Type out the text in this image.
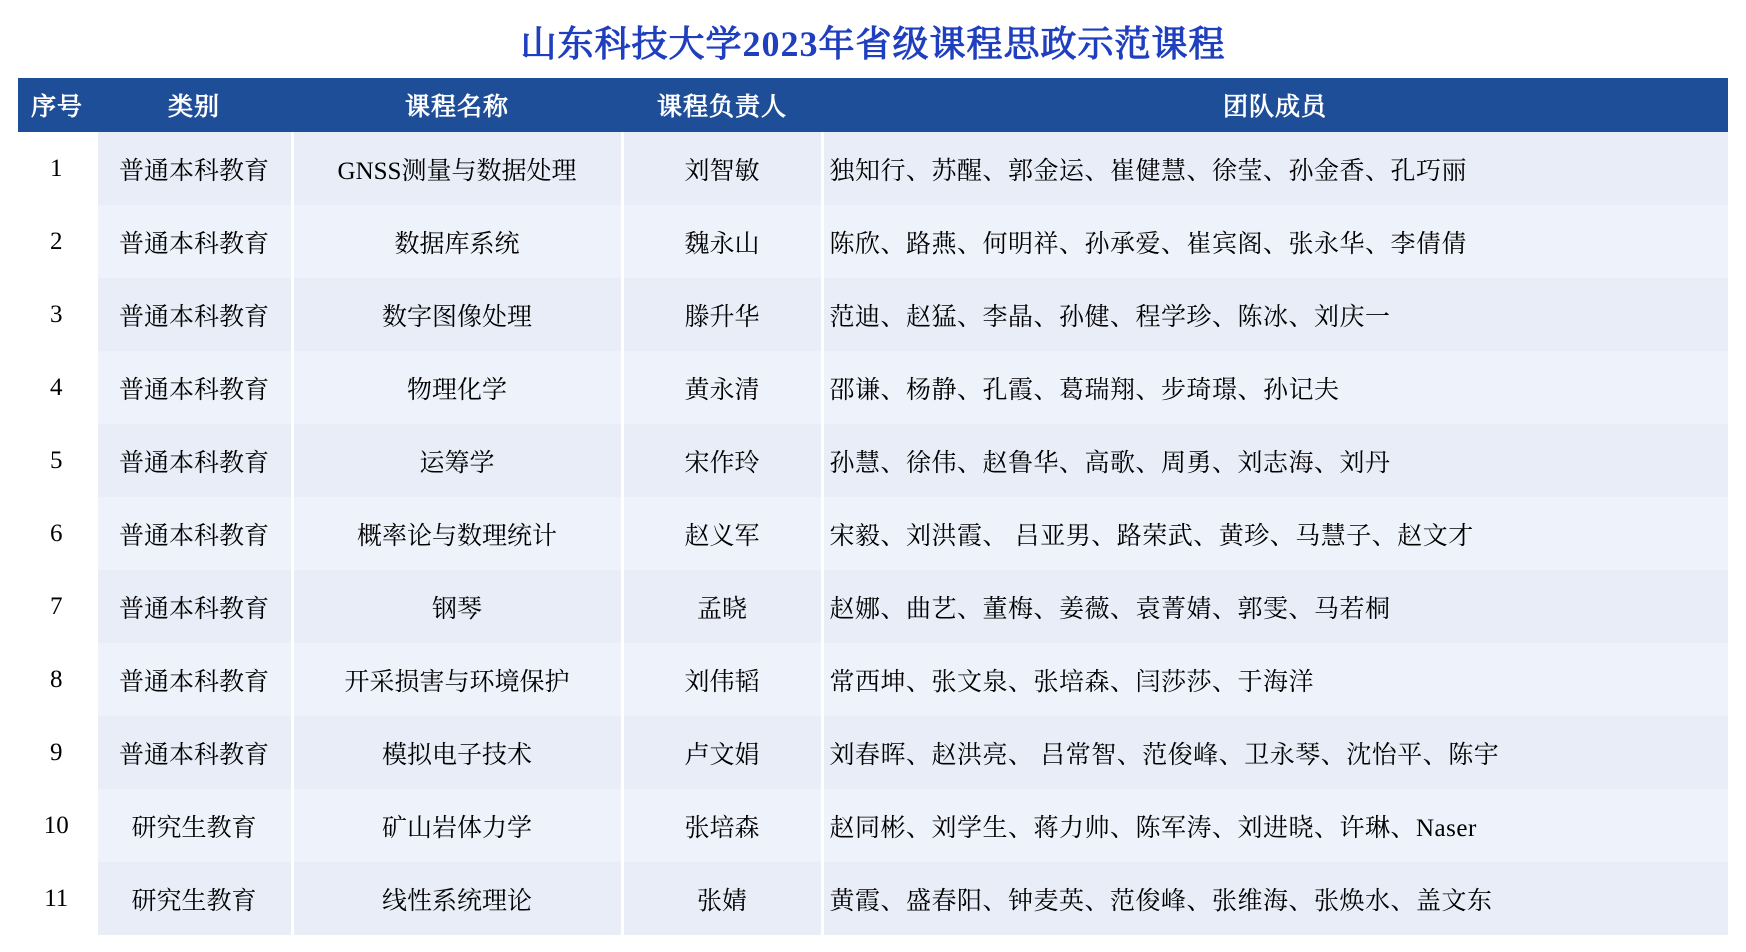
山东科技大学2023年省级课程思政示范课程
序号	类别	课程名称	课程负责人	团队成员
1	普通本科教育	GNSS测量与数据处理	刘智敏	独知行、苏醒、郭金运、崔健慧、徐莹、孙金香、孔巧丽
2	普通本科教育	数据库系统	魏永山	陈欣、路燕、何明祥、孙承爱、崔宾阁、张永华、李倩倩
3	普通本科教育	数字图像处理	滕升华	范迪、赵猛、李晶、孙健、程学珍、陈冰、刘庆一
4	普通本科教育	物理化学	黄永清	邵谦、杨静、孔霞、葛瑞翔、步琦璟、孙记夫
5	普通本科教育	运筹学	宋作玲	孙慧、徐伟、赵鲁华、高歌、周勇、刘志海、刘丹
6	普通本科教育	概率论与数理统计	赵义军	宋毅、刘洪霞、 吕亚男、路荣武、黄珍、马慧子、赵文才
7	普通本科教育	钢琴	孟晓	赵娜、曲艺、董梅、姜薇、袁菁婧、郭雯、马若桐
8	普通本科教育	开采损害与环境保护	刘伟韬	常西坤、张文泉、张培森、闫莎莎、于海洋
9	普通本科教育	模拟电子技术	卢文娟	刘春晖、赵洪亮、 吕常智、范俊峰、卫永琴、沈怡平、陈宇
10	研究生教育	矿山岩体力学	张培森	赵同彬、刘学生、蒋力帅、陈军涛、刘进晓、许琳、Naser
11	研究生教育	线性系统理论	张婧	黄霞、盛春阳、钟麦英、范俊峰、张维海、张焕水、盖文东
